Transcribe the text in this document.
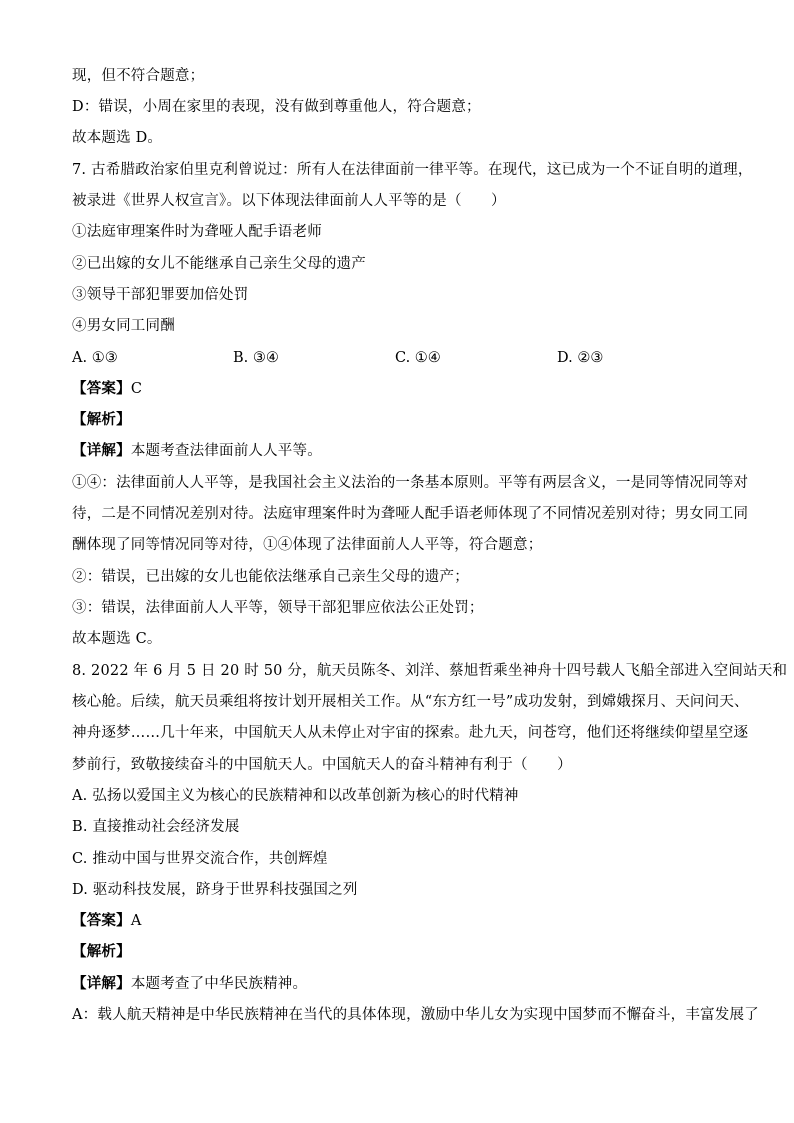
现，但不符合题意；
D：错误，小周在家里的表现，没有做到尊重他人，符合题意；
故本题选 D。
7. 古希腊政治家伯里克利曾说过：所有人在法律面前一律平等。在现代，这已成为一个不证自明的道理，
被录进《世界人权宣言》。以下体现法律面前人人平等的是（　　）
①法庭审理案件时为聋哑人配手语老师
②已出嫁的女儿不能继承自己亲生父母的遗产
③领导干部犯罪要加倍处罚
④男女同工同酬
A. ①③	B. ③④	C. ①④	D. ②③
【答案】C
【解析】
【详解】本题考查法律面前人人平等。
①④：法律面前人人平等，是我国社会主义法治的一条基本原则。平等有两层含义，一是同等情况同等对
待，二是不同情况差别对待。法庭审理案件时为聋哑人配手语老师体现了不同情况差别对待；男女同工同
酬体现了同等情况同等对待，①④体现了法律面前人人平等，符合题意；
②：错误，已出嫁的女儿也能依法继承自己亲生父母的遗产；
③：错误，法律面前人人平等，领导干部犯罪应依法公正处罚；
故本题选 C。
8. 2022 年 6 月 5 日 20 时 50 分，航天员陈冬、刘洋、蔡旭哲乘坐神舟十四号载人飞船全部进入空间站天和
核心舱。后续，航天员乘组将按计划开展相关工作。从“东方红一号”成功发射，到嫦娥探月、天问问天、
神舟逐梦……几十年来，中国航天人从未停止对宇宙的探索。赴九天，问苍穹，他们还将继续仰望星空逐
梦前行，致敬接续奋斗的中国航天人。中国航天人的奋斗精神有利于（　　）
A. 弘扬以爱国主义为核心的民族精神和以改革创新为核心的时代精神
B. 直接推动社会经济发展
C. 推动中国与世界交流合作，共创辉煌
D. 驱动科技发展，跻身于世界科技强国之列
【答案】A
【解析】
【详解】本题考查了中华民族精神。
A：载人航天精神是中华民族精神在当代的具体体现，激励中华儿女为实现中国梦而不懈奋斗，丰富发展了
